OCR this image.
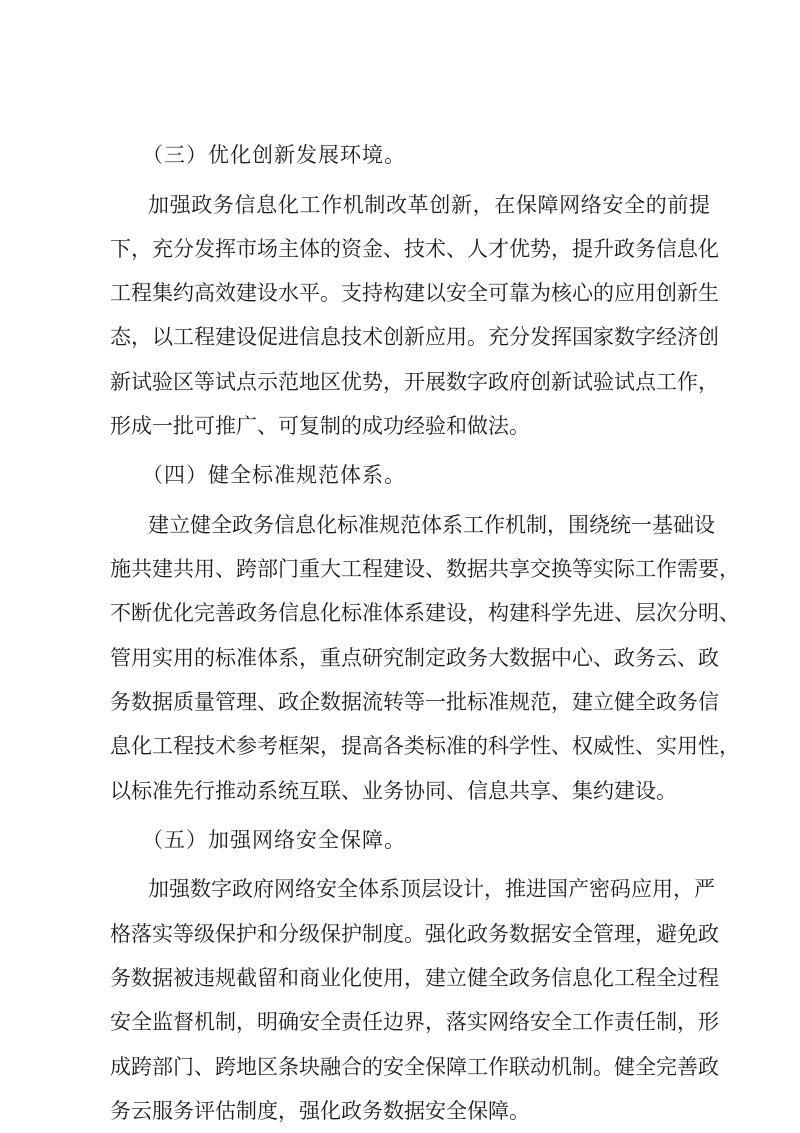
（三）优化创新发展环境。

加强政务信息化工作机制改革创新，在保障网络安全的前提
下，充分发挥市场主体的资金、技术、人才优势，提升政务信息化
工程集约高效建设水平。支持构建以安全可靠为核心的应用创新生
态，以工程建设促进信息技术创新应用。充分发挥国家数字经济创
新试验区等试点示范地区优势，开展数字政府创新试验试点工作，
形成一批可推广、可复制的成功经验和做法。

（四）健全标准规范体系。

建立健全政务信息化标准规范体系工作机制，围绕统一基础设
施共建共用、跨部门重大工程建设、数据共享交换等实际工作需要，
不断优化完善政务信息化标准体系建设，构建科学先进、层次分明、
管用实用的标准体系，重点研究制定政务大数据中心、政务云、政
务数据质量管理、政企数据流转等一批标准规范，建立健全政务信
息化工程技术参考框架，提高各类标准的科学性、权威性、实用性，
以标准先行推动系统互联、业务协同、信息共享、集约建设。

（五）加强网络安全保障。

加强数字政府网络安全体系顶层设计，推进国产密码应用，严
格落实等级保护和分级保护制度。强化政务数据安全管理，避免政
务数据被违规截留和商业化使用，建立健全政务信息化工程全过程
安全监督机制，明确安全责任边界，落实网络安全工作责任制，形
成跨部门、跨地区条块融合的安全保障工作联动机制。健全完善政
务云服务评估制度，强化政务数据安全保障。
